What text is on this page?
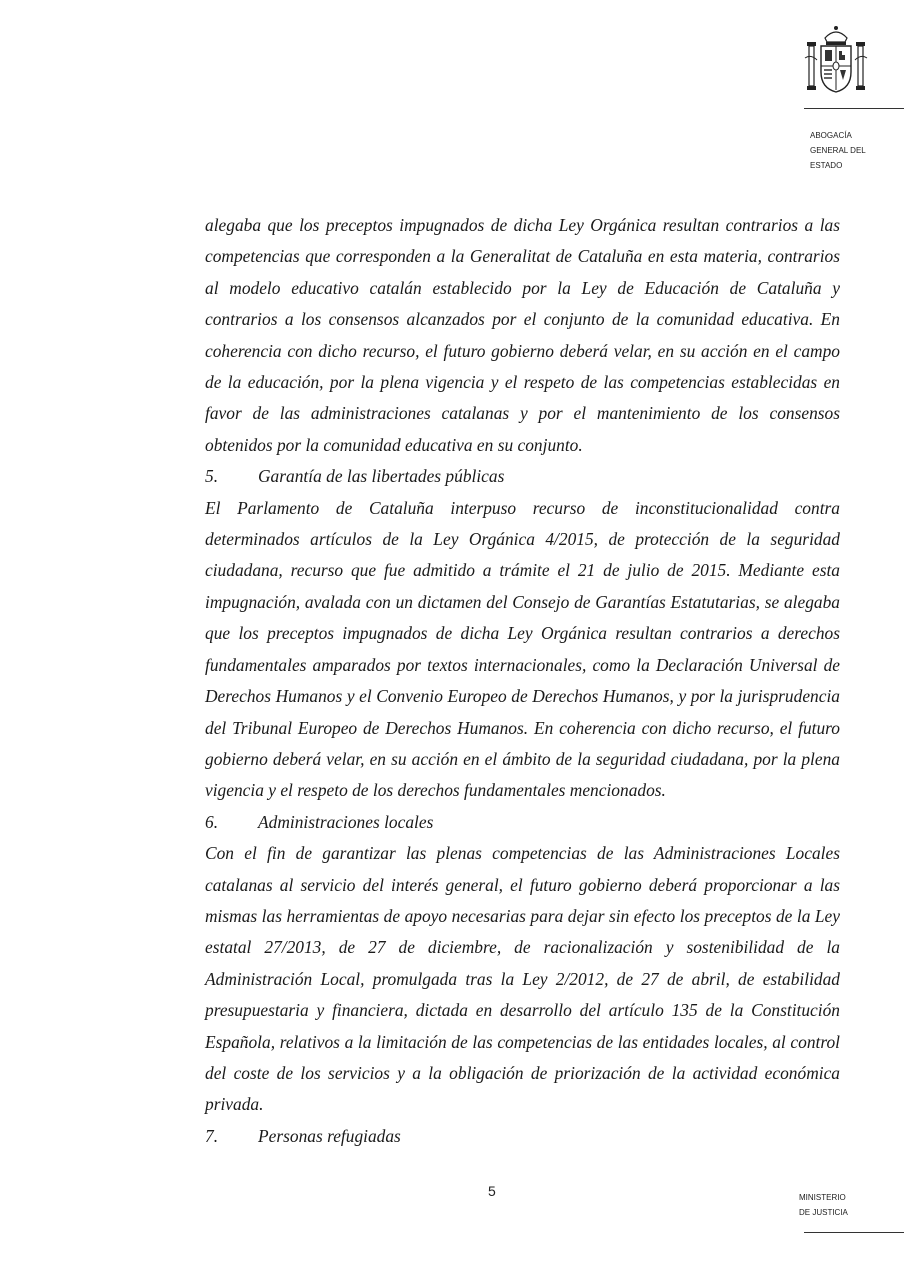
ABOGACÍA
GENERAL DEL
ESTADO

alegaba que los preceptos impugnados de dicha Ley Orgánica resultan contrarios a las competencias que corresponden a la Generalitat de Cataluña en esta materia, contrarios al modelo educativo catalán establecido por la Ley de Educación de Cataluña y contrarios a los consensos alcanzados por el conjunto de la comunidad educativa. En coherencia con dicho recurso, el futuro gobierno deberá velar, en su acción en el campo de la educación, por la plena vigencia y el respeto de las competencias establecidas en favor de las administraciones catalanas y por el mantenimiento de los consensos obtenidos por la comunidad educativa en su conjunto.

5. Garantía de las libertades públicas

El Parlamento de Cataluña interpuso recurso de inconstitucionalidad contra determinados artículos de la Ley Orgánica 4/2015, de protección de la seguridad ciudadana, recurso que fue admitido a trámite el 21 de julio de 2015. Mediante esta impugnación, avalada con un dictamen del Consejo de Garantías Estatutarias, se alegaba que los preceptos impugnados de dicha Ley Orgánica resultan contrarios a derechos fundamentales amparados por textos internacionales, como la Declaración Universal de Derechos Humanos y el Convenio Europeo de Derechos Humanos, y por la jurisprudencia del Tribunal Europeo de Derechos Humanos. En coherencia con dicho recurso, el futuro gobierno deberá velar, en su acción en el ámbito de la seguridad ciudadana, por la plena vigencia y el respeto de los derechos fundamentales mencionados.

6. Administraciones locales

Con el fin de garantizar las plenas competencias de las Administraciones Locales catalanas al servicio del interés general, el futuro gobierno deberá proporcionar a las mismas las herramientas de apoyo necesarias para dejar sin efecto los preceptos de la Ley estatal 27/2013, de 27 de diciembre, de racionalización y sostenibilidad de la Administración Local, promulgada tras la Ley 2/2012, de 27 de abril, de estabilidad presupuestaria y financiera, dictada en desarrollo del artículo 135 de la Constitución Española, relativos a la limitación de las competencias de las entidades locales, al control del coste de los servicios y a la obligación de priorización de la actividad económica privada.

7. Personas refugiadas

5	MINISTERIO
DE JUSTICIA
